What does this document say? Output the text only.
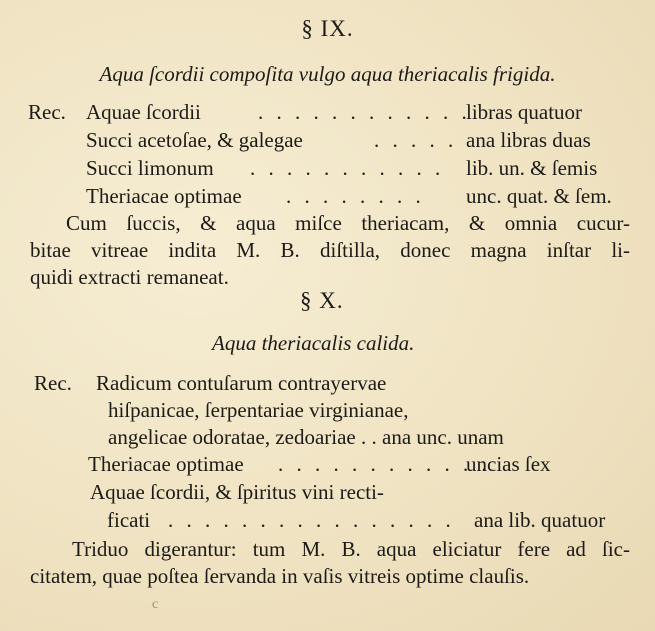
§ IX.
Aqua ſcordii compoſita vulgo aqua theriacalis frigida.
Rec. Aquae ſcordii	. . . . . . . . . . . .
libras quatuor
Succi acetoſae, & galegae	. . . . . ana libras duas
Succi limonum . . . . . . . . . . . lib. un. & ſemis
Theriacae optimae . . . . . . . . unc. quat. & ſem.
Cum ſuccis, & aqua miſce theriacam, & omnia cucur-
bitae vitreae indita M. B. diſtilla, donec magna inſtar li-
quidi extracti remaneat.
§ X.
Aqua theriacalis calida.
Rec. Radicum contuſarum contrayervae
hiſpanicae, ſerpentariae virginianae,
angelicae odoratae, zedoariae . . ana unc. unam
Theriacae optimae . . . . . . . . . . . .
uncias ſex
Aquae ſcordii, & ſpiritus vini recti-
ficati . . . . . . . . . . . . . . . . ana lib. quatuor
Triduo digerantur: tum M. B. aqua eliciatur fere ad ſic-
citatem, quae poſtea ſervanda in vaſis vitreis optime clauſis.
c
